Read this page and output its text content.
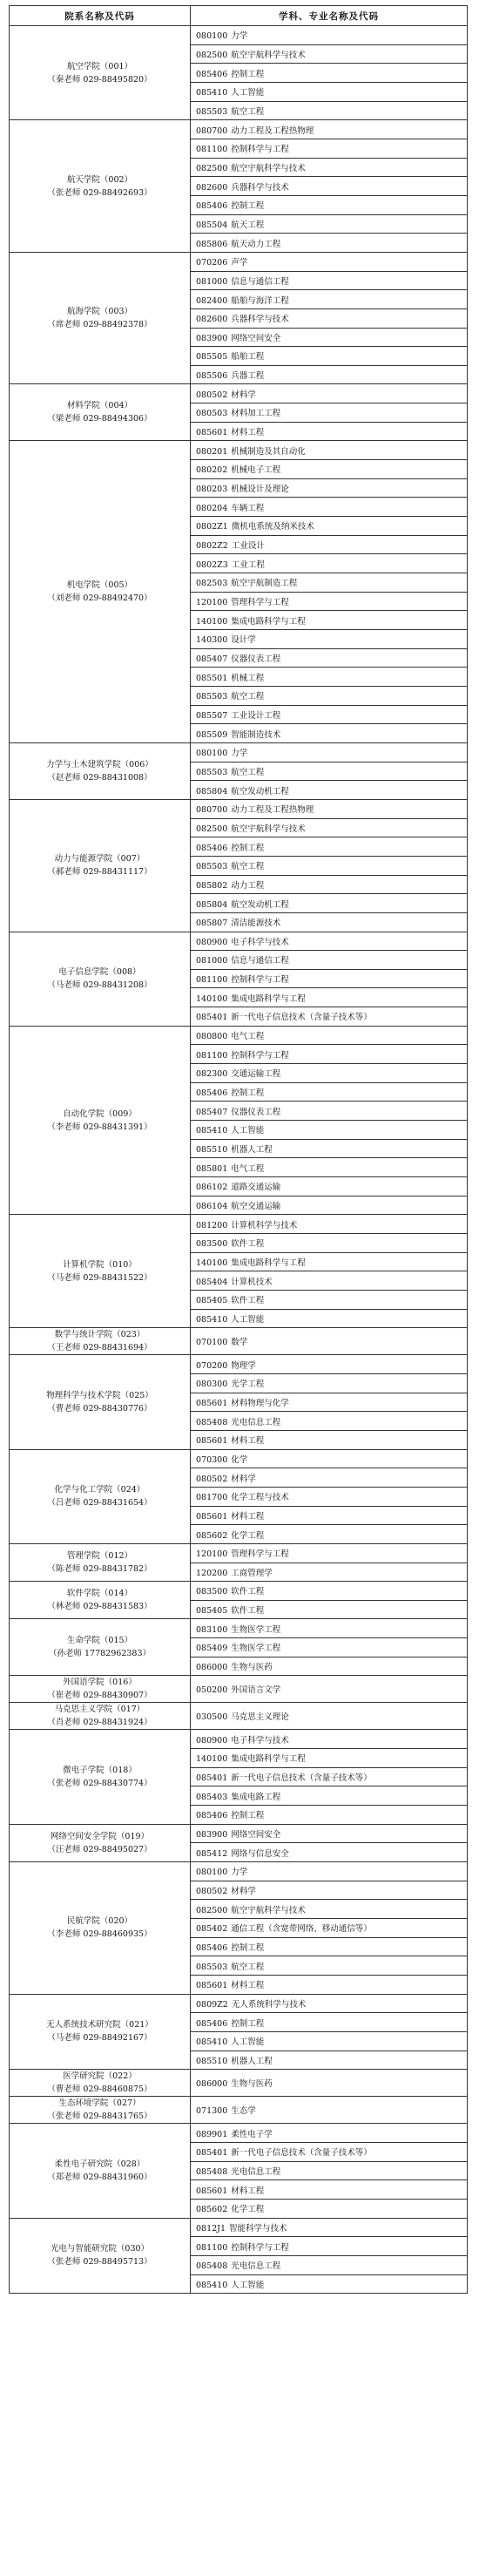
院系名称及代码	学科、专业名称及代码

航空学院（001）
（秦老师 029-88495820）	080100 力学
	082500 航空宇航科学与技术
	085406 控制工程
	085410 人工智能
	085503 航空工程

航天学院（002）
（张老师 029-88492693）	080700 动力工程及工程热物理
	081100 控制科学与工程
	082500 航空宇航科学与技术
	082600 兵器科学与技术
	085406 控制工程
	085504 航天工程
	085806 航天动力工程

航海学院（003）
（席老师 029-88492378）	070206 声学
	081000 信息与通信工程
	082400 船舶与海洋工程
	082600 兵器科学与技术
	083900 网络空间安全
	085505 船舶工程
	085506 兵器工程

材料学院（004）
（梁老师 029-88494306）	080502 材料学
	080503 材料加工工程
	085601 材料工程

机电学院（005）
（刘老师 029-88492470）	080201 机械制造及其自动化
	080202 机械电子工程
	080203 机械设计及理论
	080204 车辆工程
	0802Z1 微机电系统及纳米技术
	0802Z2 工业设计
	0802Z3 工业工程
	082503 航空宇航制造工程
	120100 管理科学与工程
	140100 集成电路科学与工程
	140300 设计学
	085407 仪器仪表工程
	085501 机械工程
	085503 航空工程
	085507 工业设计工程
	085509 智能制造技术

力学与土木建筑学院（006）
（赵老师 029-88431008）	080100 力学
	085503 航空工程
	085804 航空发动机工程

动力与能源学院（007）
（郝老师 029-88431117）	080700 动力工程及工程热物理
	082500 航空宇航科学与技术
	085406 控制工程
	085503 航空工程
	085802 动力工程
	085804 航空发动机工程
	085807 清洁能源技术

电子信息学院（008）
（马老师 029-88431208）	080900 电子科学与技术
	081000 信息与通信工程
	081100 控制科学与工程
	140100 集成电路科学与工程
	085401 新一代电子信息技术（含量子技术等）

自动化学院（009）
（李老师 029-88431391）	080800 电气工程
	081100 控制科学与工程
	082300 交通运输工程
	085406 控制工程
	085407 仪器仪表工程
	085410 人工智能
	085510 机器人工程
	085801 电气工程
	086102 道路交通运输
	086104 航空交通运输

计算机学院（010）
（马老师 029-88431522）	081200 计算机科学与技术
	083500 软件工程
	140100 集成电路科学与工程
	085404 计算机技术
	085405 软件工程
	085410 人工智能

数学与统计学院（023）
（王老师 029-88431694）	070100 数学

物理科学与技术学院（025）
（曹老师 029-88430776）	070200 物理学
	080300 光学工程
	085601 材料物理与化学
	085408 光电信息工程
	085601 材料工程

化学与化工学院（024）
（吕老师 029-88431654）	070300 化学
	080502 材料学
	081700 化学工程与技术
	085601 材料工程
	085602 化学工程

管理学院（012）
（陈老师 029-88431782）	120100 管理科学与工程
	120200 工商管理学

软件学院（014）
（林老师 029-88431583）	083500 软件工程
	085405 软件工程

生命学院（015）
（孙老师 17782962383）	083100 生物医学工程
	085409 生物医学工程
	086000 生物与医药

外国语学院（016）
（崔老师 029-88430907）	050200 外国语言文学

马克思主义学院（017）
（肖老师 029-88431924）	030500 马克思主义理论

微电子学院（018）
（张老师 029-88430774）	080900 电子科学与技术
	140100 集成电路科学与工程
	085401 新一代电子信息技术（含量子技术等）
	085403 集成电路工程
	085406 控制工程

网络空间安全学院（019）
（汪老师 029-88495027）	083900 网络空间安全
	085412 网络与信息安全

民航学院（020）
（李老师 029-88460935）	080100 力学
	080502 材料学
	082500 航空宇航科学与技术
	085402 通信工程（含宽带网络、移动通信等）
	085406 控制工程
	085503 航空工程
	085601 材料工程

无人系统技术研究院（021）
（马老师 029-88492167）	0809Z2 无人系统科学与技术
	085406 控制工程
	085410 人工智能
	085510 机器人工程

医学研究院（022）
（曹老师 029-88460875）	086000 生物与医药

生态环境学院（027）
（张老师 029-88431765）	071300 生态学

柔性电子研究院（028）
（郑老师 029-88431960）	089901 柔性电子学
	085401 新一代电子信息技术（含量子技术等）
	085408 光电信息工程
	085601 材料工程
	085602 化学工程

光电与智能研究院（030）
（张老师 029-88495713）	0812J1 智能科学与技术
	081100 控制科学与工程
	085408 光电信息工程
	085410 人工智能
